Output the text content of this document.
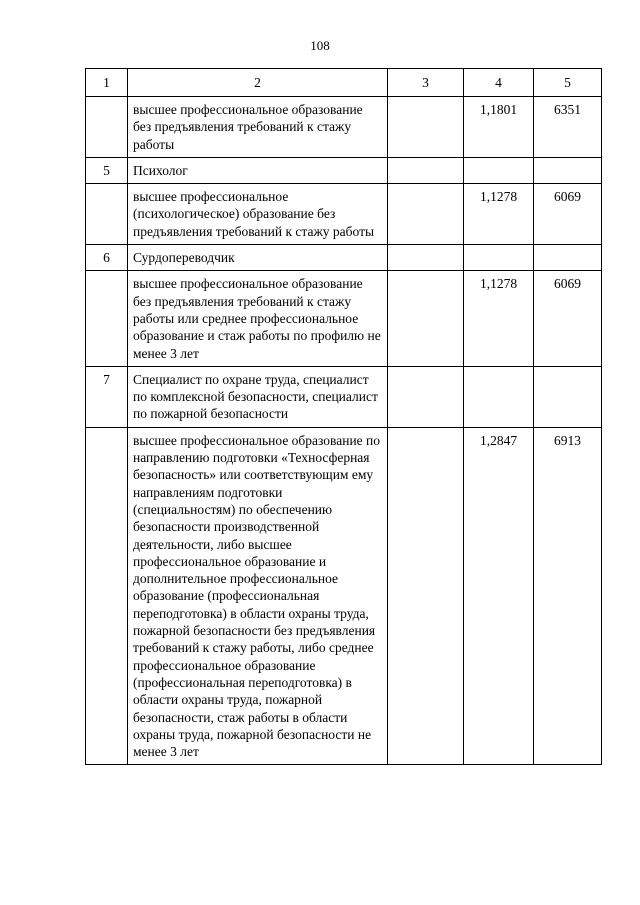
108
1	2	3	4	5
	высшее профессиональное образование без предъявления требований к стажу работы		1,1801	6351
5	Психолог			
	высшее профессиональное (психологическое) образование без предъявления требований к стажу работы		1,1278	6069
6	Сурдопереводчик			
	высшее профессиональное образование без предъявления требований к стажу работы или среднее профессиональное образование и стаж работы по профилю не менее 3 лет		1,1278	6069
7	Специалист по охране труда, специалист по комплексной безопасности, специалист по пожарной безопасности			
	высшее профессиональное образование по направлению подготовки «Техносферная безопасность» или соответствующим ему направлениям подготовки (специальностям) по обеспечению безопасности производственной деятельности, либо высшее профессиональное образование и дополнительное профессиональное образование (профессиональная переподготовка) в области охраны труда, пожарной безопасности без предъявления требований к стажу работы, либо среднее профессиональное образование (профессиональная переподготовка) в области охраны труда, пожарной безопасности, стаж работы в области охраны труда, пожарной безопасности не менее 3 лет		1,2847	6913
